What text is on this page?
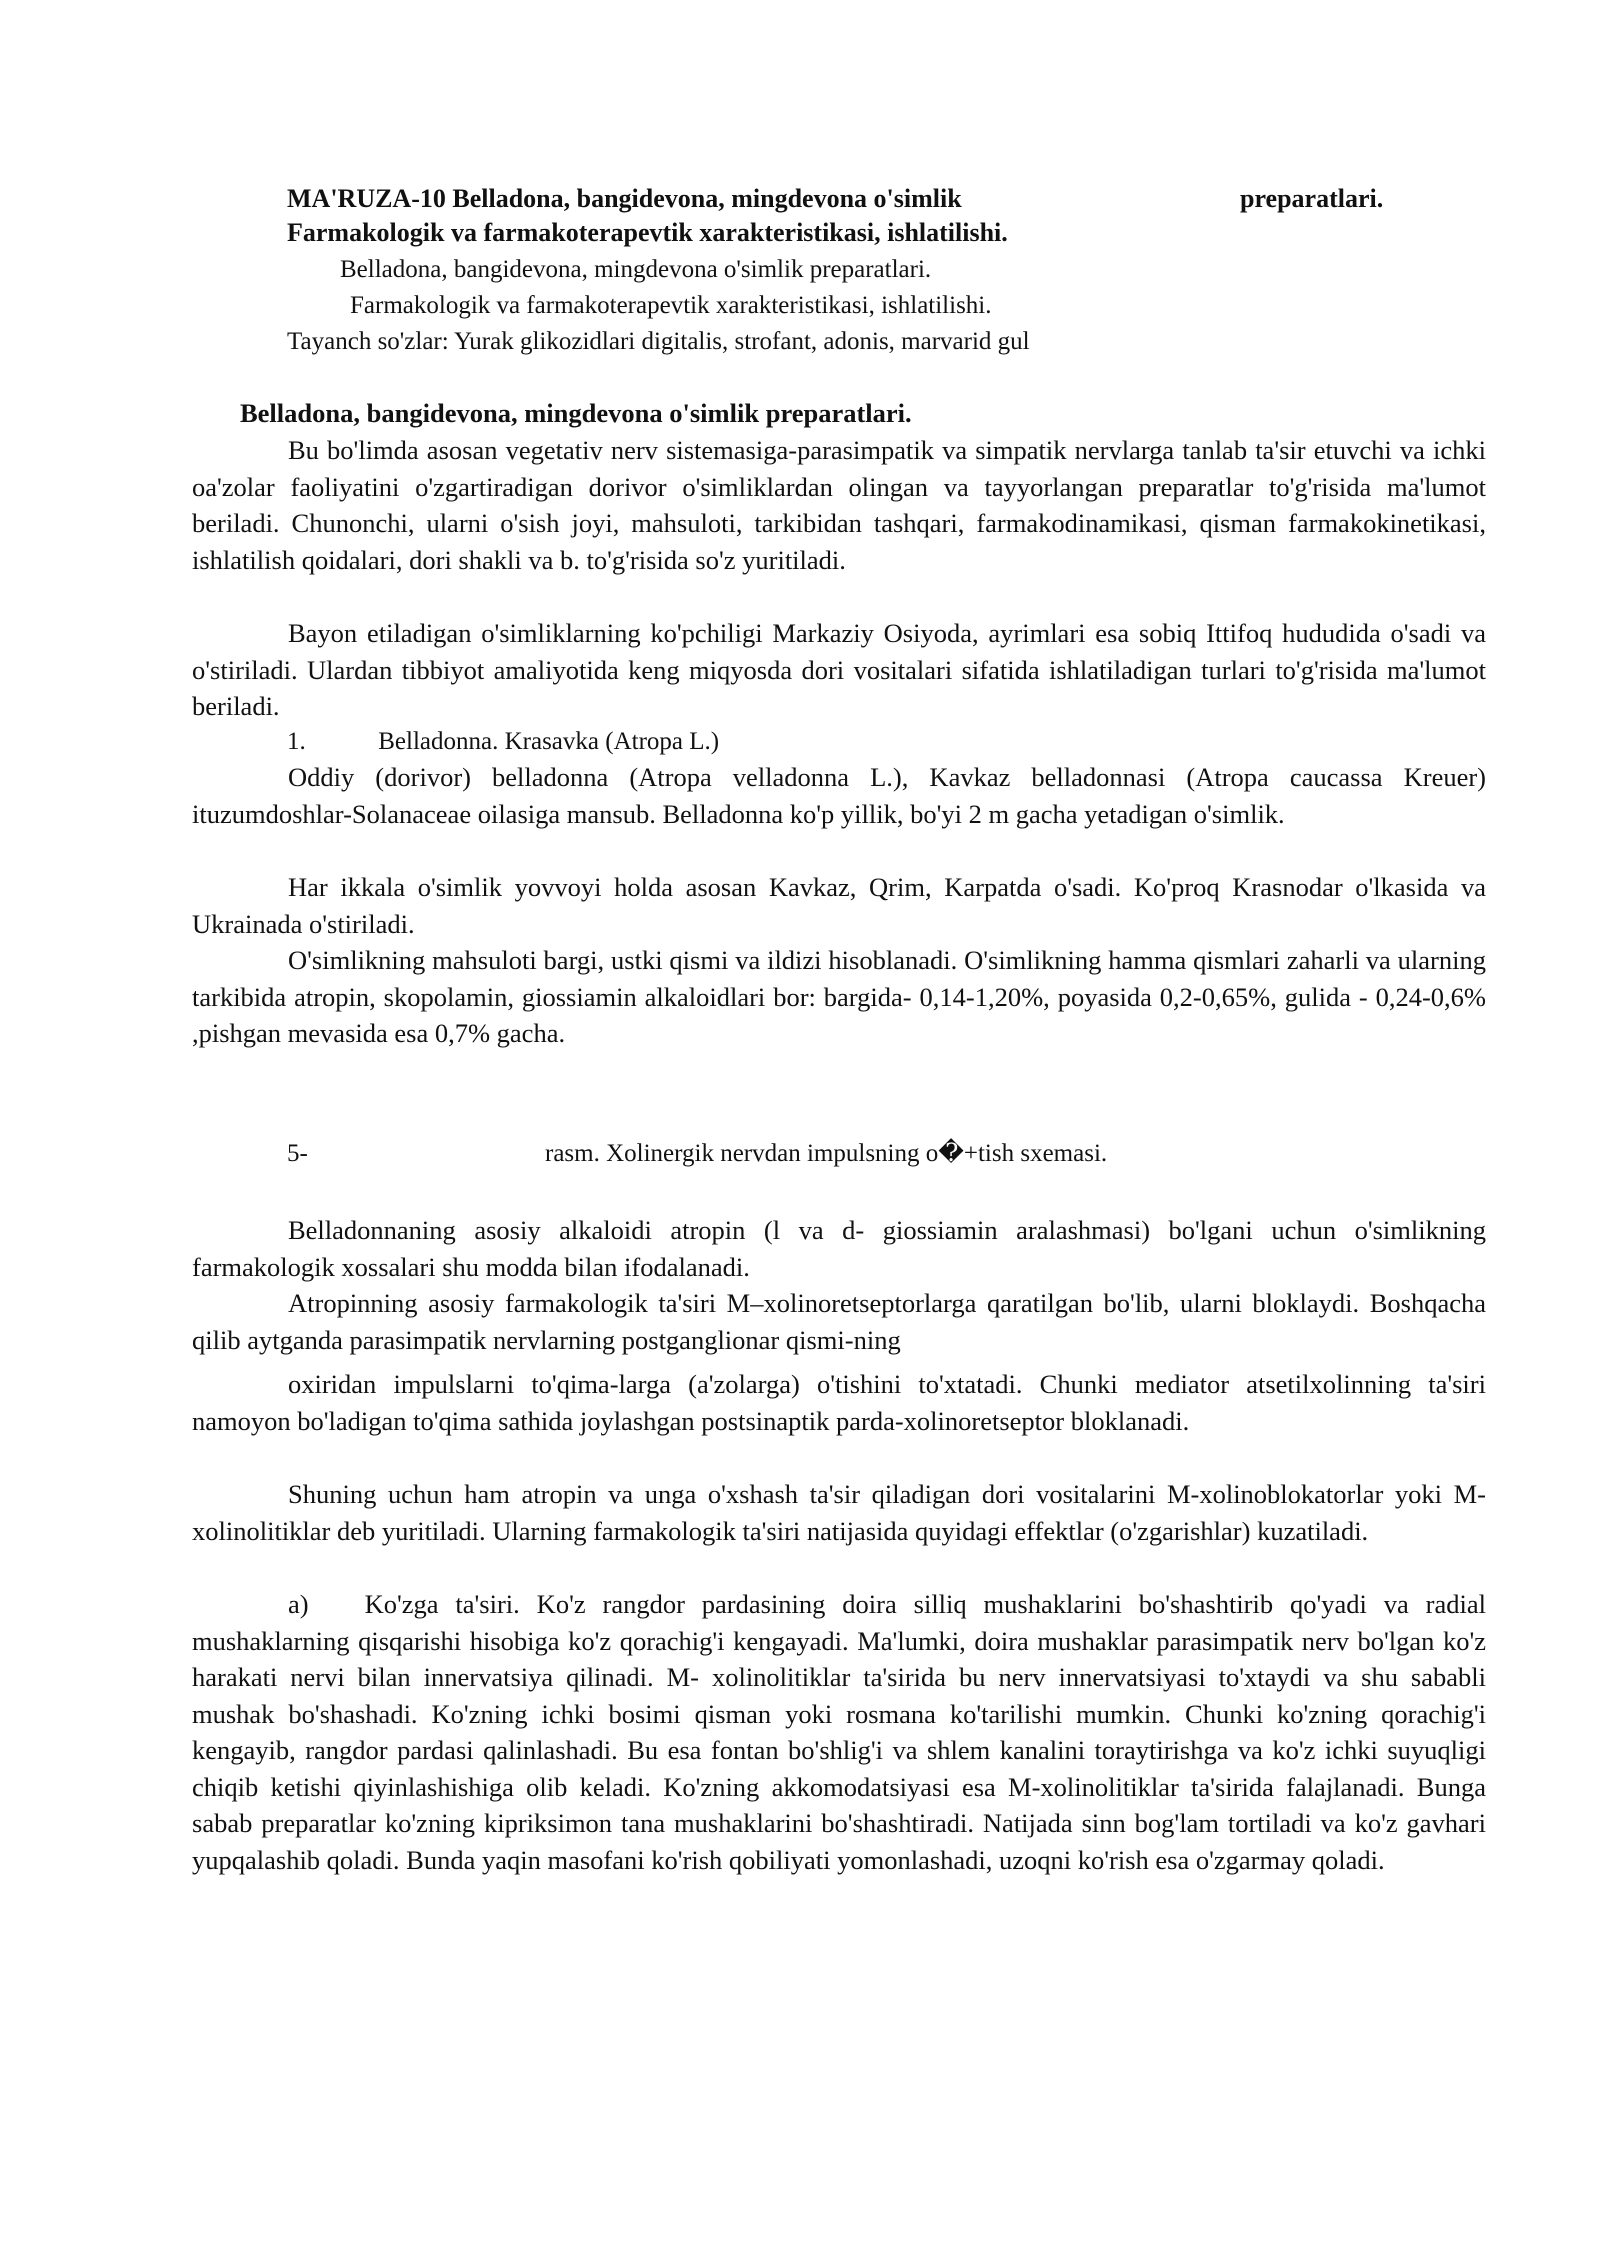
MA'RUZA-10 Belladona, bangidevona, mingdevona o'simlik	preparatlari.
Farmakologik va farmakoterapevtik xarakteristikasi, ishlatilishi.
Belladona, bangidevona, mingdevona o'simlik preparatlari.
Farmakologik va farmakoterapevtik xarakteristikasi, ishlatilishi.
Tayanch so'zlar: Yurak glikozidlari digitalis, strofant, adonis, marvarid gul
Belladona, bangidevona, mingdevona o'simlik preparatlari.
Bu bo'limda asosan vegetativ nerv sistemasiga-parasimpatik va simpatik nervlarga tanlab ta'sir etuvchi va ichki oa'zolar faoliyatini o'zgartiradigan dorivor o'simliklardan olingan va tayyorlangan preparatlar to'g'risida ma'lumot beriladi. Chunonchi, ularni o'sish joyi, mahsuloti, tarkibidan tashqari, farmakodinamikasi, qisman farmakokinetikasi, ishlatilish qoidalari, dori shakli va b. to'g'risida so'z yuritiladi.
Bayon etiladigan o'simliklarning ko'pchiligi Markaziy Osiyoda, ayrimlari esa sobiq Ittifoq hududida o'sadi va o'stiriladi. Ulardan tibbiyot amaliyotida keng miqyosda dori vositalari sifatida ishlatiladigan turlari to'g'risida ma'lumot beriladi.
1.	Belladonna. Krasavka (Atropa L.)
Oddiy (dorivor) belladonna (Atropa velladonna L.), Kavkaz belladonnasi (Atropa caucassa Kreuer) ituzumdoshlar-Solanaceae oilasiga mansub. Belladonna ko'p yillik, bo'yi 2 m gacha yetadigan o'simlik.
Har ikkala o'simlik yovvoyi holda asosan Kavkaz, Qrim, Karpatda o'sadi. Ko'proq Krasnodar o'lkasida va Ukrainada o'stiriladi.
O'simlikning mahsuloti bargi, ustki qismi va ildizi hisoblanadi. O'simlikning hamma qismlari zaharli va ularning tarkibida atropin, skopolamin, giossiamin alkaloidlari bor: bargida- 0,14-1,20%, poyasida 0,2-0,65%, gulida - 0,24-0,6% ,pishgan mevasida esa 0,7% gacha.
5-	rasm. Xolinergik nervdan impulsning o�+tish sxemasi.
Belladonnaning asosiy alkaloidi atropin (l va d- giossiamin aralashmasi) bo'lgani uchun o'simlikning farmakologik xossalari shu modda bilan ifodalanadi.
Atropinning asosiy farmakologik ta'siri M–xolinoretseptorlarga qaratilgan bo'lib, ularni bloklaydi. Boshqacha qilib aytganda parasimpatik nervlarning postganglionar qismi-ning
oxiridan impulslarni to'qima-larga (a'zolarga) o'tishini to'xtatadi. Chunki mediator atsetilxolinning ta'siri namoyon bo'ladigan to'qima sathida joylashgan postsinaptik parda-xolinoretseptor bloklanadi.
Shuning uchun ham atropin va unga o'xshash ta'sir qiladigan dori vositalarini M-xolinoblokatorlar yoki M-xolinolitiklar deb yuritiladi. Ularning farmakologik ta'siri natijasida quyidagi effektlar (o'zgarishlar) kuzatiladi.
a) Ko'zga ta'siri. Ko'z rangdor pardasining doira silliq mushaklarini bo'shashtirib qo'yadi va radial mushaklarning qisqarishi hisobiga ko'z qorachig'i kengayadi. Ma'lumki, doira mushaklar parasimpatik nerv bo'lgan ko'z harakati nervi bilan innervatsiya qilinadi. M- xolinolitiklar ta'sirida bu nerv innervatsiyasi to'xtaydi va shu sababli mushak bo'shashadi. Ko'zning ichki bosimi qisman yoki rosmana ko'tarilishi mumkin. Chunki ko'zning qorachig'i kengayib, rangdor pardasi qalinlashadi. Bu esa fontan bo'shlig'i va shlem kanalini toraytirishga va ko'z ichki suyuqligi chiqib ketishi qiyinlashishiga olib keladi. Ko'zning akkomodatsiyasi esa M-xolinolitiklar ta'sirida falajlanadi. Bunga sabab preparatlar ko'zning kipriksimon tana mushaklarini bo'shashtiradi. Natijada sinn bog'lam tortiladi va ko'z gavhari yupqalashib qoladi. Bunda yaqin masofani ko'rish qobiliyati yomonlashadi, uzoqni ko'rish esa o'zgarmay qoladi.
